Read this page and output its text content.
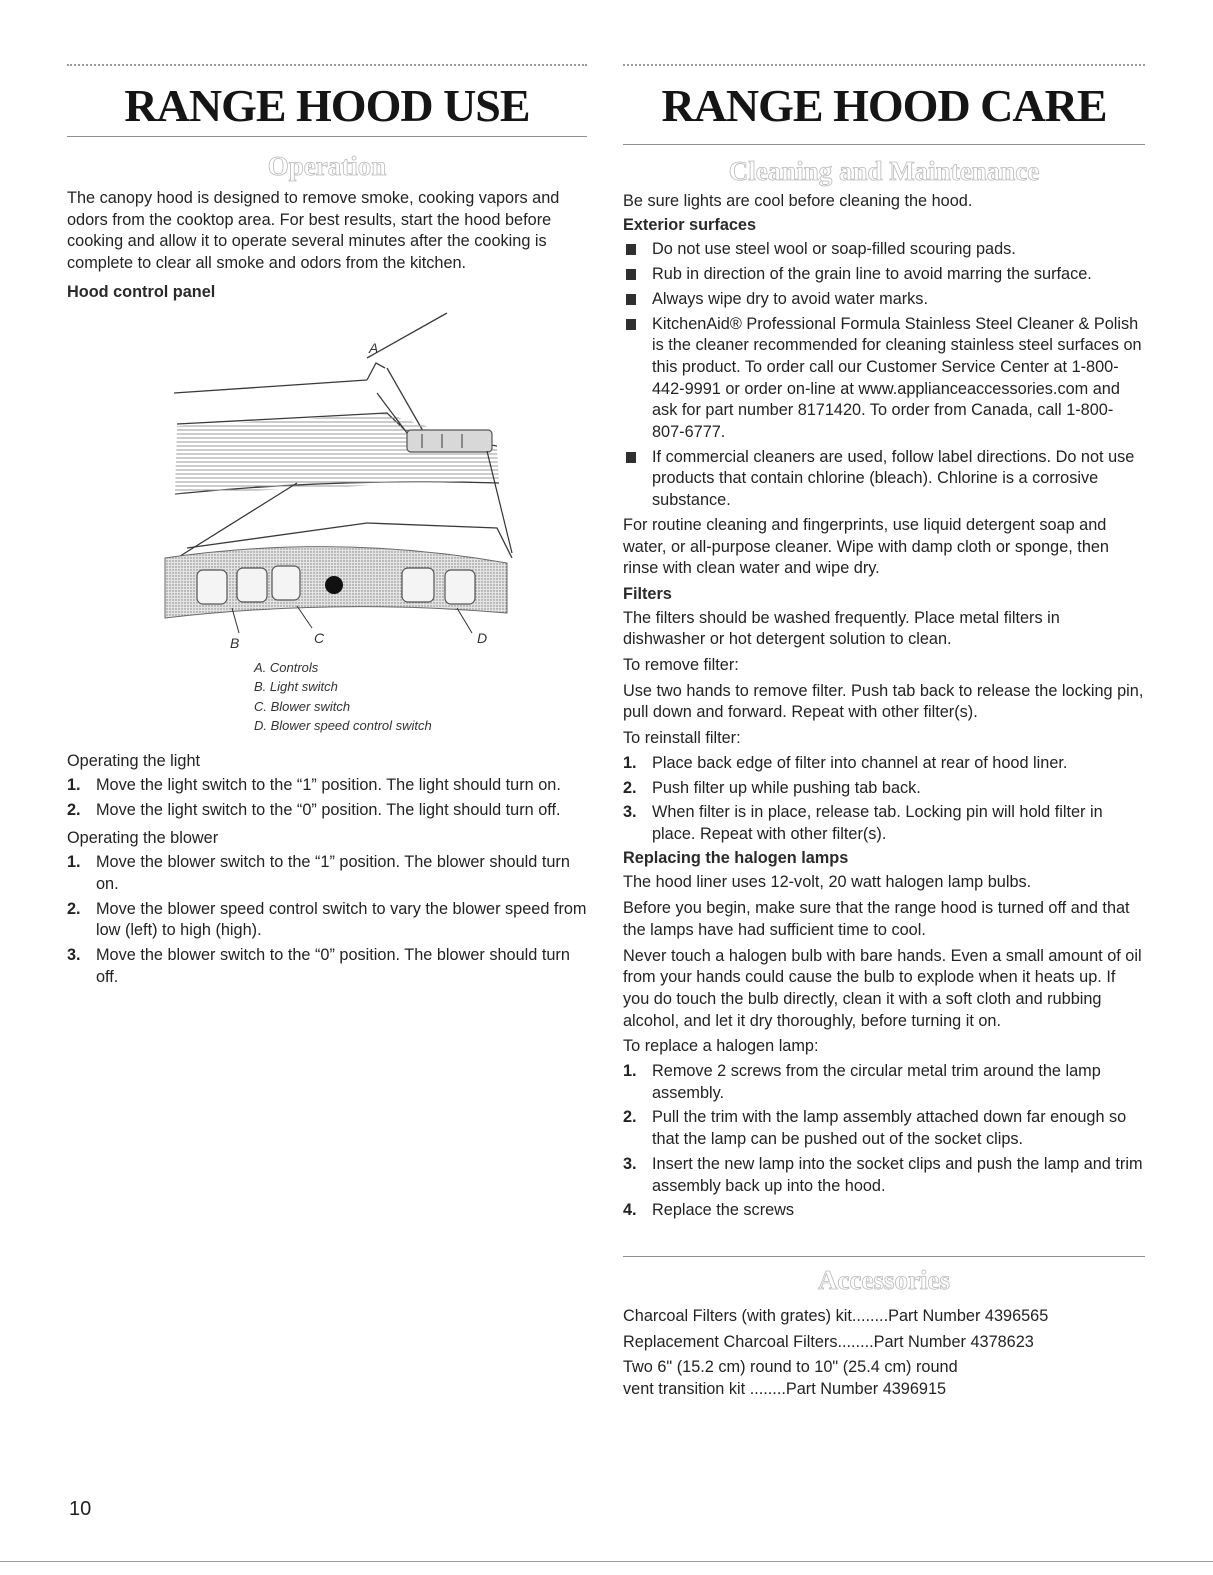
RANGE HOOD USE
Operation

The canopy hood is designed to remove smoke, cooking vapors and odors from the cooktop area. For best results, start the hood before cooking and allow it to operate several minutes after the cooking is complete to clear all smoke and odors from the kitchen.

Hood control panel
A
B	C	D

A. Controls

B. Light switch

C. Blower switch

D. Blower speed control switch

Operating the light

1. Move the light switch to the “1” position. The light should turn on.
2. Move the light switch to the “0” position. The light should turn off.

Operating the blower

1. Move the blower switch to the “1” position. The blower should turn on.
2. Move the blower speed control switch to vary the blower speed from low (left) to high (high).
3. Move the blower switch to the “0” position. The blower should turn off.
RANGE HOOD CARE
Cleaning and Maintenance

Be sure lights are cool before cleaning the hood.

Exterior surfaces
Do not use steel wool or soap-filled scouring pads.
Rub in direction of the grain line to avoid marring the surface.
Always wipe dry to avoid water marks.
KitchenAid® Professional Formula Stainless Steel Cleaner & Polish is the cleaner recommended for cleaning stainless steel surfaces on this product. To order call our Customer Service Center at 1-800-442-9991 or order on-line at www.applianceaccessories.com and ask for part number 8171420. To order from Canada, call 1-800-807-6777.
If commercial cleaners are used, follow label directions. Do not use products that contain chlorine (bleach). Chlorine is a corrosive substance.

For routine cleaning and fingerprints, use liquid detergent soap and water, or all-purpose cleaner. Wipe with damp cloth or sponge, then rinse with clean water and wipe dry.

Filters

The filters should be washed frequently. Place metal filters in dishwasher or hot detergent solution to clean.

To remove filter:

Use two hands to remove filter. Push tab back to release the locking pin, pull down and forward. Repeat with other filter(s).

To reinstall filter:

1. Place back edge of filter into channel at rear of hood liner.
2. Push filter up while pushing tab back.
3. When filter is in place, release tab. Locking pin will hold filter in place. Repeat with other filter(s).
Replacing the halogen lamps

The hood liner uses 12-volt, 20 watt halogen lamp bulbs.

Before you begin, make sure that the range hood is turned off and that the lamps have had sufficient time to cool.

Never touch a halogen bulb with bare hands. Even a small amount of oil from your hands could cause the bulb to explode when it heats up. If you do touch the bulb directly, clean it with a soft cloth and rubbing alcohol, and let it dry thoroughly, before turning it on.

To replace a halogen lamp:

1. Remove 2 screws from the circular metal trim around the lamp assembly.
2. Pull the trim with the lamp assembly attached down far enough so that the lamp can be pushed out of the socket clips.
3. Insert the new lamp into the socket clips and push the lamp and trim assembly back up into the hood.
4. Replace the screws
Accessories

Charcoal Filters (with grates) kit........Part Number 4396565

Replacement Charcoal Filters........Part Number 4378623

Two 6" (15.2 cm) round to 10" (25.4 cm) round

vent transition kit ........Part Number 4396915

10
